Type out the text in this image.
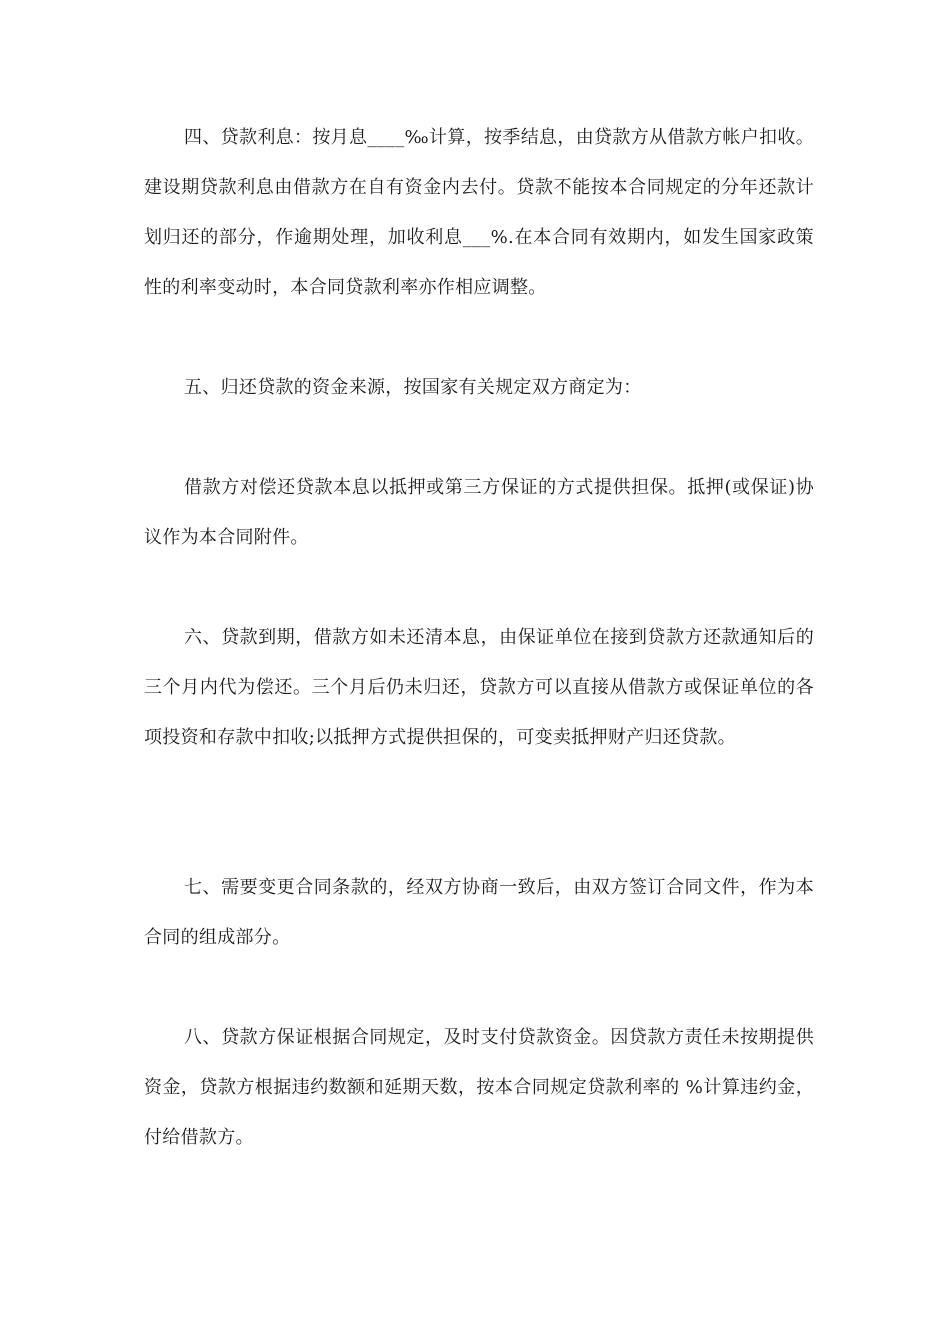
四、贷款利息：按月息____‰计算，按季结息，由贷款方从借款方帐户扣收。建设期贷款利息由借款方在自有资金内去付。贷款不能按本合同规定的分年还款计划归还的部分，作逾期处理，加收利息___%.在本合同有效期内，如发生国家政策性的利率变动时，本合同贷款利率亦作相应调整。

五、归还贷款的资金来源，按国家有关规定双方商定为：

借款方对偿还贷款本息以抵押或第三方保证的方式提供担保。抵押(或保证)协议作为本合同附件。

六、贷款到期，借款方如未还清本息，由保证单位在接到贷款方还款通知后的三个月内代为偿还。三个月后仍未归还，贷款方可以直接从借款方或保证单位的各项投资和存款中扣收;以抵押方式提供担保的，可变卖抵押财产归还贷款。

七、需要变更合同条款的，经双方协商一致后，由双方签订合同文件，作为本合同的组成部分。

八、贷款方保证根据合同规定，及时支付贷款资金。因贷款方责任未按期提供资金，贷款方根据违约数额和延期天数，按本合同规定贷款利率的 %计算违约金，付给借款方。
